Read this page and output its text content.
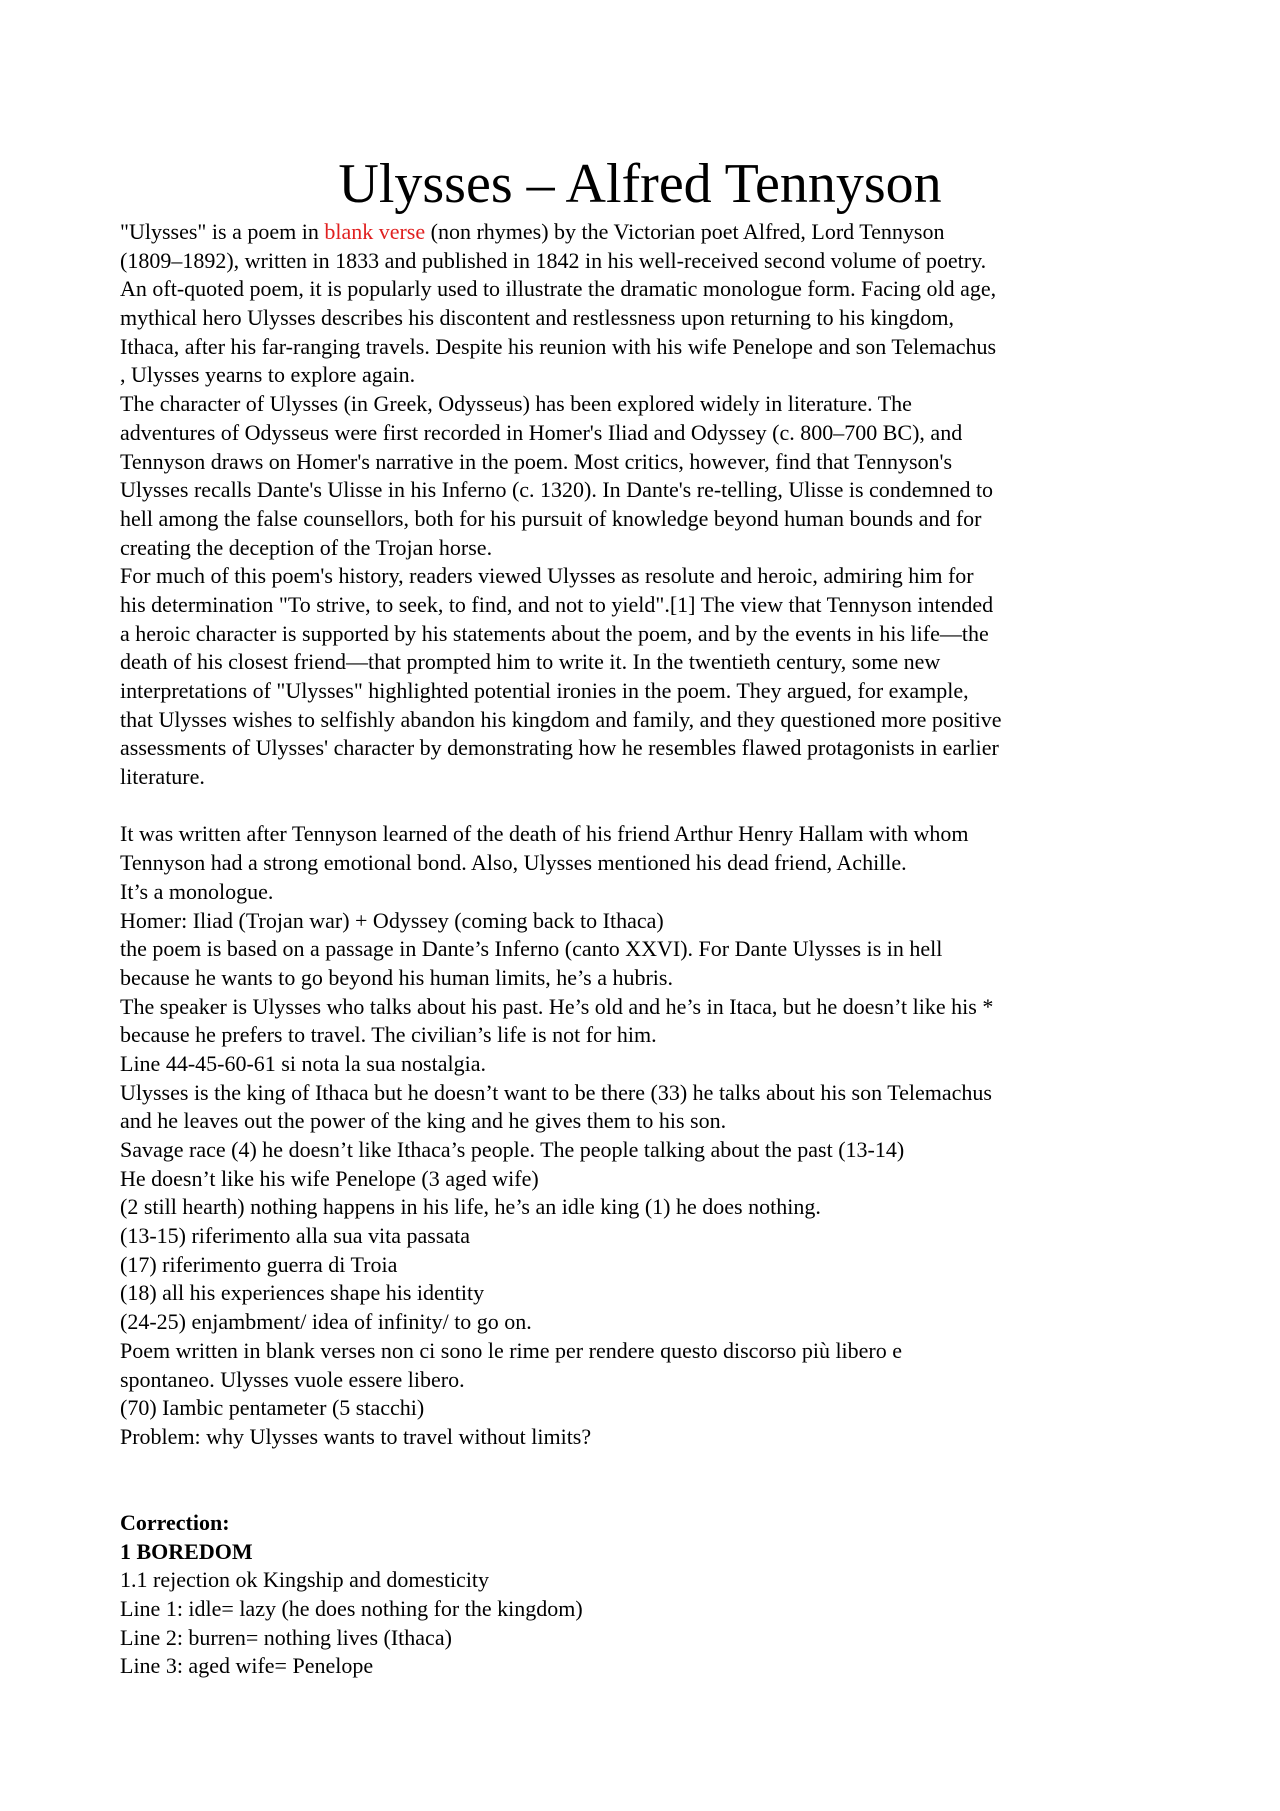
Ulysses – Alfred Tennyson
"Ulysses" is a poem in blank verse (non rhymes) by the Victorian poet Alfred, Lord Tennyson
(1809–1892), written in 1833 and published in 1842 in his well-received second volume of poetry.
An oft-quoted poem, it is popularly used to illustrate the dramatic monologue form. Facing old age,
mythical hero Ulysses describes his discontent and restlessness upon returning to his kingdom,
Ithaca, after his far-ranging travels. Despite his reunion with his wife Penelope and son Telemachus
, Ulysses yearns to explore again.
The character of Ulysses (in Greek, Odysseus) has been explored widely in literature. The
adventures of Odysseus were first recorded in Homer's Iliad and Odyssey (c. 800–700 BC), and
Tennyson draws on Homer's narrative in the poem. Most critics, however, find that Tennyson's
Ulysses recalls Dante's Ulisse in his Inferno (c. 1320). In Dante's re-telling, Ulisse is condemned to
hell among the false counsellors, both for his pursuit of knowledge beyond human bounds and for
creating the deception of the Trojan horse.
For much of this poem's history, readers viewed Ulysses as resolute and heroic, admiring him for
his determination "To strive, to seek, to find, and not to yield".[1] The view that Tennyson intended
a heroic character is supported by his statements about the poem, and by the events in his life—the
death of his closest friend—that prompted him to write it. In the twentieth century, some new
interpretations of "Ulysses" highlighted potential ironies in the poem. They argued, for example,
that Ulysses wishes to selfishly abandon his kingdom and family, and they questioned more positive
assessments of Ulysses' character by demonstrating how he resembles flawed protagonists in earlier
literature.
It was written after Tennyson learned of the death of his friend Arthur Henry Hallam with whom
Tennyson had a strong emotional bond. Also, Ulysses mentioned his dead friend, Achille.
It’s a monologue.
Homer: Iliad (Trojan war) + Odyssey (coming back to Ithaca)
the poem is based on a passage in Dante’s Inferno (canto XXVI). For Dante Ulysses is in hell
because he wants to go beyond his human limits, he’s a hubris.
The speaker is Ulysses who talks about his past. He’s old and he’s in Itaca, but he doesn’t like his *
because he prefers to travel. The civilian’s life is not for him.
Line 44-45-60-61 si nota la sua nostalgia.
Ulysses is the king of Ithaca but he doesn’t want to be there (33) he talks about his son Telemachus
and he leaves out the power of the king and he gives them to his son.
Savage race (4) he doesn’t like Ithaca’s people. The people talking about the past (13-14)
He doesn’t like his wife Penelope (3 aged wife)
(2 still hearth) nothing happens in his life, he’s an idle king (1) he does nothing.
(13-15) riferimento alla sua vita passata
(17) riferimento guerra di Troia
(18) all his experiences shape his identity
(24-25) enjambment/ idea of infinity/ to go on.
Poem written in blank verses non ci sono le rime per rendere questo discorso più libero e
spontaneo. Ulysses vuole essere libero.
(70) Iambic pentameter (5 stacchi)
Problem: why Ulysses wants to travel without limits?
Correction:
1 BOREDOM
1.1 rejection ok Kingship and domesticity
Line 1: idle= lazy (he does nothing for the kingdom)
Line 2: burren= nothing lives (Ithaca)
Line 3: aged wife= Penelope
